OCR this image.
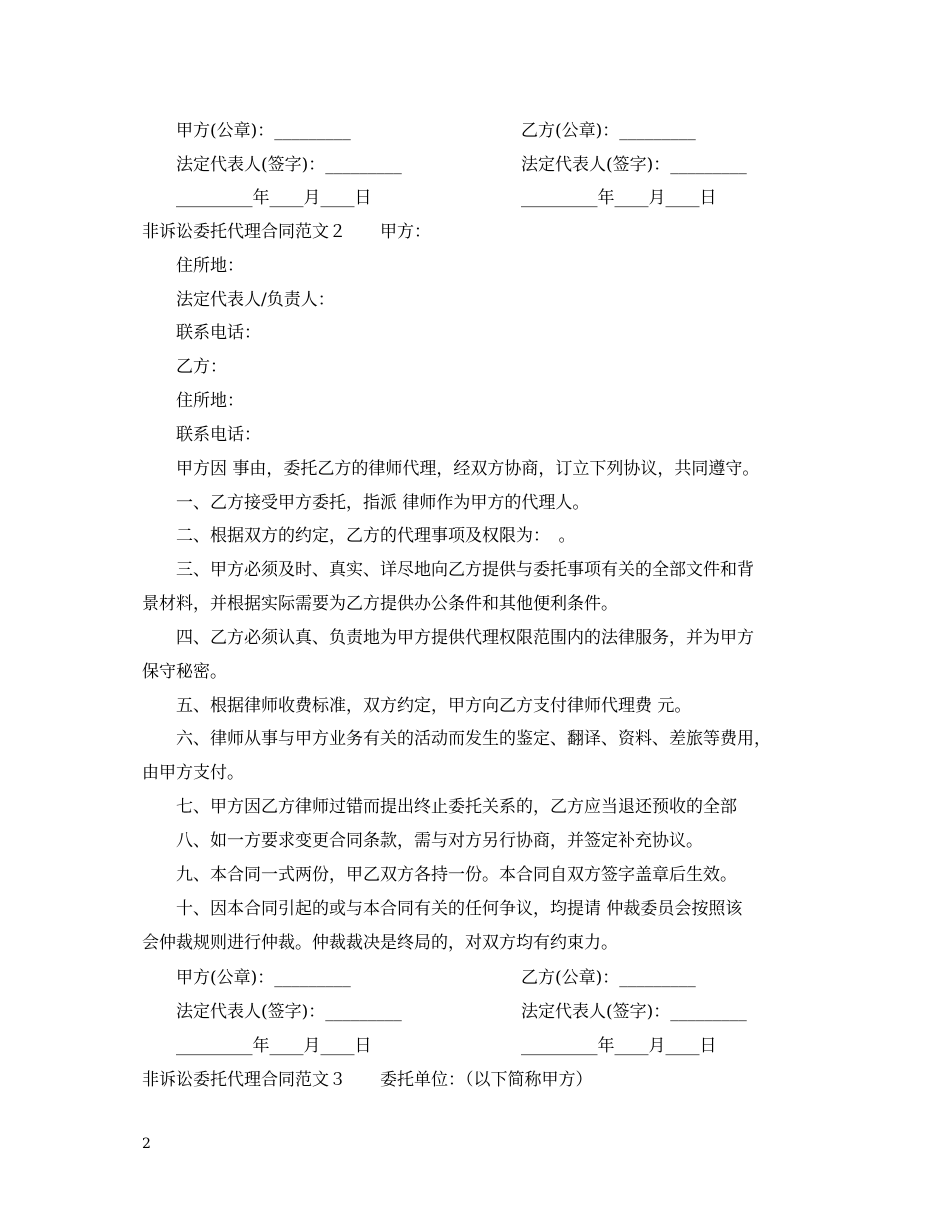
甲方(公章)：_________	乙方(公章)：_________
法定代表人(签字)：_________	法定代表人(签字)：_________
_________年____月____日	_________年____月____日
非诉讼委托代理合同范文２　　甲方：
住所地：
法定代表人/负责人：
联系电话：
乙方：
住所地：
联系电话：
甲方因 事由，委托乙方的律师代理，经双方协商，订立下列协议，共同遵守。
一、乙方接受甲方委托，指派 律师作为甲方的代理人。
二、根据双方的约定，乙方的代理事项及权限为：　。
三、甲方必须及时、真实、详尽地向乙方提供与委托事项有关的全部文件和背
景材料，并根据实际需要为乙方提供办公条件和其他便利条件。
四、乙方必须认真、负责地为甲方提供代理权限范围内的法律服务，并为甲方
保守秘密。
五、根据律师收费标准，双方约定，甲方向乙方支付律师代理费 元。
六、律师从事与甲方业务有关的活动而发生的鉴定、翻译、资料、差旅等费用，
由甲方支付。
七、甲方因乙方律师过错而提出终止委托关系的，乙方应当退还预收的全部
八、如一方要求变更合同条款，需与对方另行协商，并签定补充协议。
九、本合同一式两份，甲乙双方各持一份。本合同自双方签字盖章后生效。
十、因本合同引起的或与本合同有关的任何争议，均提请 仲裁委员会按照该
会仲裁规则进行仲裁。仲裁裁决是终局的，对双方均有约束力。
甲方(公章)：_________	乙方(公章)：_________
法定代表人(签字)：_________	法定代表人(签字)：_________
_________年____月____日	_________年____月____日
非诉讼委托代理合同范文３　　委托单位：（以下简称甲方）
2
